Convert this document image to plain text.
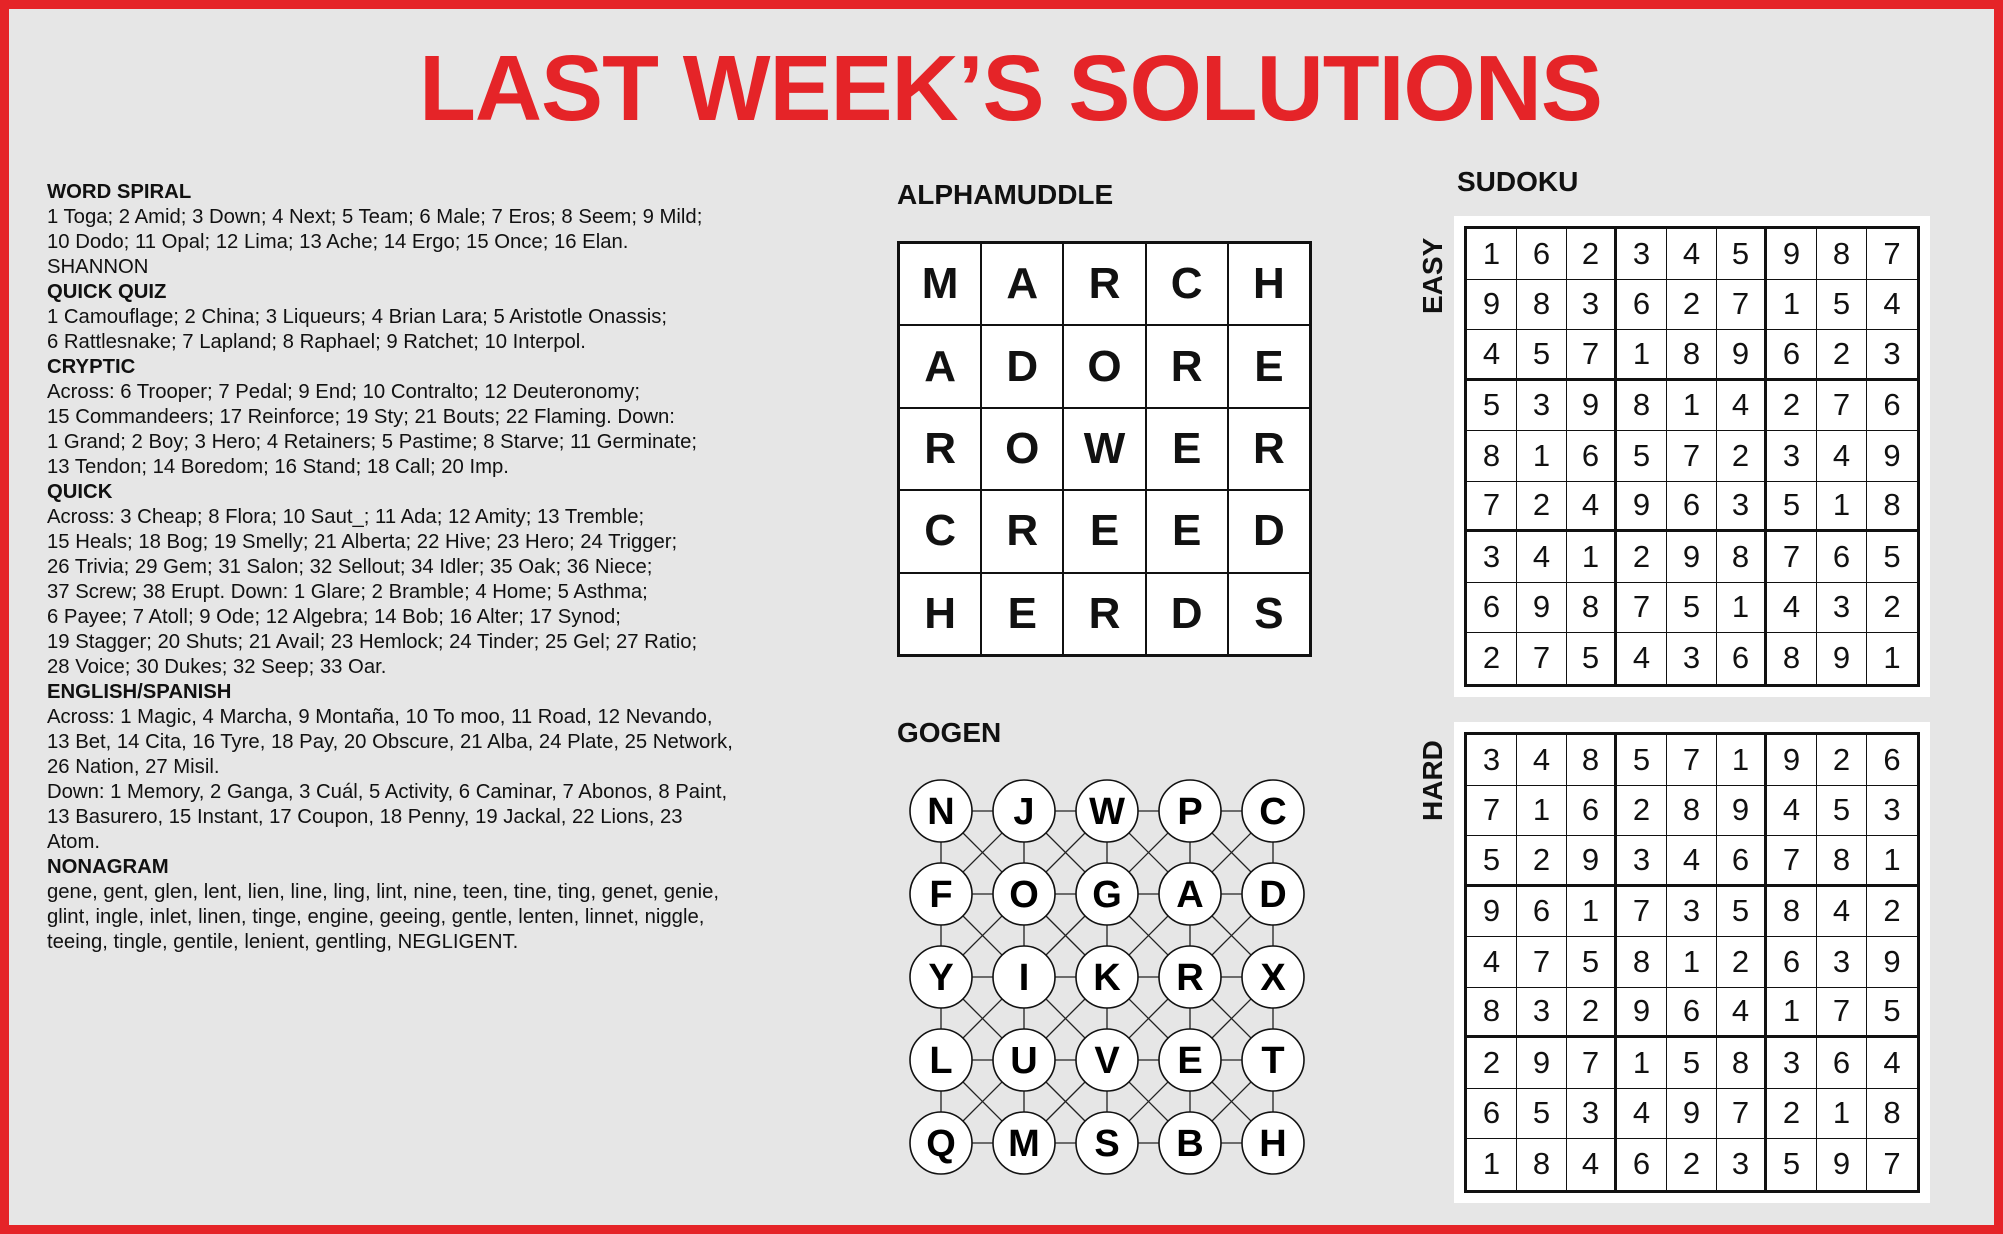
LAST WEEK’S SOLUTIONS
WORD SPIRAL
1 Toga; 2 Amid; 3 Down; 4 Next; 5 Team; 6 Male; 7 Eros; 8 Seem; 9 Mild;
10 Dodo; 11 Opal; 12 Lima; 13 Ache; 14 Ergo; 15 Once; 16 Elan.
SHANNON
QUICK QUIZ
1 Camouflage; 2 China; 3 Liqueurs; 4 Brian Lara; 5 Aristotle Onassis;
6 Rattlesnake; 7 Lapland; 8 Raphael; 9 Ratchet; 10 Interpol.
CRYPTIC
Across: 6 Trooper; 7 Pedal; 9 End; 10 Contralto; 12 Deuteronomy;
15 Commandeers; 17 Reinforce; 19 Sty; 21 Bouts; 22 Flaming. Down:
1 Grand; 2 Boy; 3 Hero; 4 Retainers; 5 Pastime; 8 Starve; 11 Germinate;
13 Tendon; 14 Boredom; 16 Stand; 18 Call; 20 Imp.
QUICK
Across: 3 Cheap; 8 Flora; 10 Saut_; 11 Ada; 12 Amity; 13 Tremble;
15 Heals; 18 Bog; 19 Smelly; 21 Alberta; 22 Hive; 23 Hero; 24 Trigger;
26 Trivia; 29 Gem; 31 Salon; 32 Sellout; 34 Idler; 35 Oak; 36 Niece;
37 Screw; 38 Erupt. Down: 1 Glare; 2 Bramble; 4 Home; 5 Asthma;
6 Payee; 7 Atoll; 9 Ode; 12 Algebra; 14 Bob; 16 Alter; 17 Synod;
19 Stagger; 20 Shuts; 21 Avail; 23 Hemlock; 24 Tinder; 25 Gel; 27 Ratio;
28 Voice; 30 Dukes; 32 Seep; 33 Oar.
ENGLISH/SPANISH
Across: 1 Magic, 4 Marcha, 9 Montaña, 10 To moo, 11 Road, 12 Nevando,
13 Bet, 14 Cita, 16 Tyre, 18 Pay, 20 Obscure, 21 Alba, 24 Plate, 25 Network,
26 Nation, 27 Misil.
Down: 1 Memory, 2 Ganga, 3 Cuál, 5 Activity, 6 Caminar, 7 Abonos, 8 Paint,
13 Basurero, 15 Instant, 17 Coupon, 18 Penny, 19 Jackal, 22 Lions, 23
Atom.
NONAGRAM
gene, gent, glen, lent, lien, line, ling, lint, nine, teen, tine, ting, genet, genie,
glint, ingle, inlet, linen, tinge, engine, geeing, gentle, lenten, linnet, niggle,
teeing, tingle, gentile, lenient, gentling, NEGLIGENT.
ALPHAMUDDLE
M	A	R	C	H
A	D	O	R	E
R	O	W	E	R
C	R	E	E	D
H	E	R	D	S
GOGEN
N J W P C
F O G A D
Y I K R X
L U V E T
Q M S B H
SUDOKU
EASY	1	6	2	3	4	5	9	8	7
9	8	3	6	2	7	1	5	4
4	5	7	1	8	9	6	2	3
5	3	9	8	1	4	2	7	6
8	1	6	5	7	2	3	4	9
7	2	4	9	6	3	5	1	8
3	4	1	2	9	8	7	6	5
6	9	8	7	5	1	4	3	2
2	7	5	4	3	6	8	9	1
HARD	3	4	8	5	7	1	9	2	6
7	1	6	2	8	9	4	5	3
5	2	9	3	4	6	7	8	1
9	6	1	7	3	5	8	4	2
4	7	5	8	1	2	6	3	9
8	3	2	9	6	4	1	7	5
2	9	7	1	5	8	3	6	4
6	5	3	4	9	7	2	1	8
1	8	4	6	2	3	5	9	7
